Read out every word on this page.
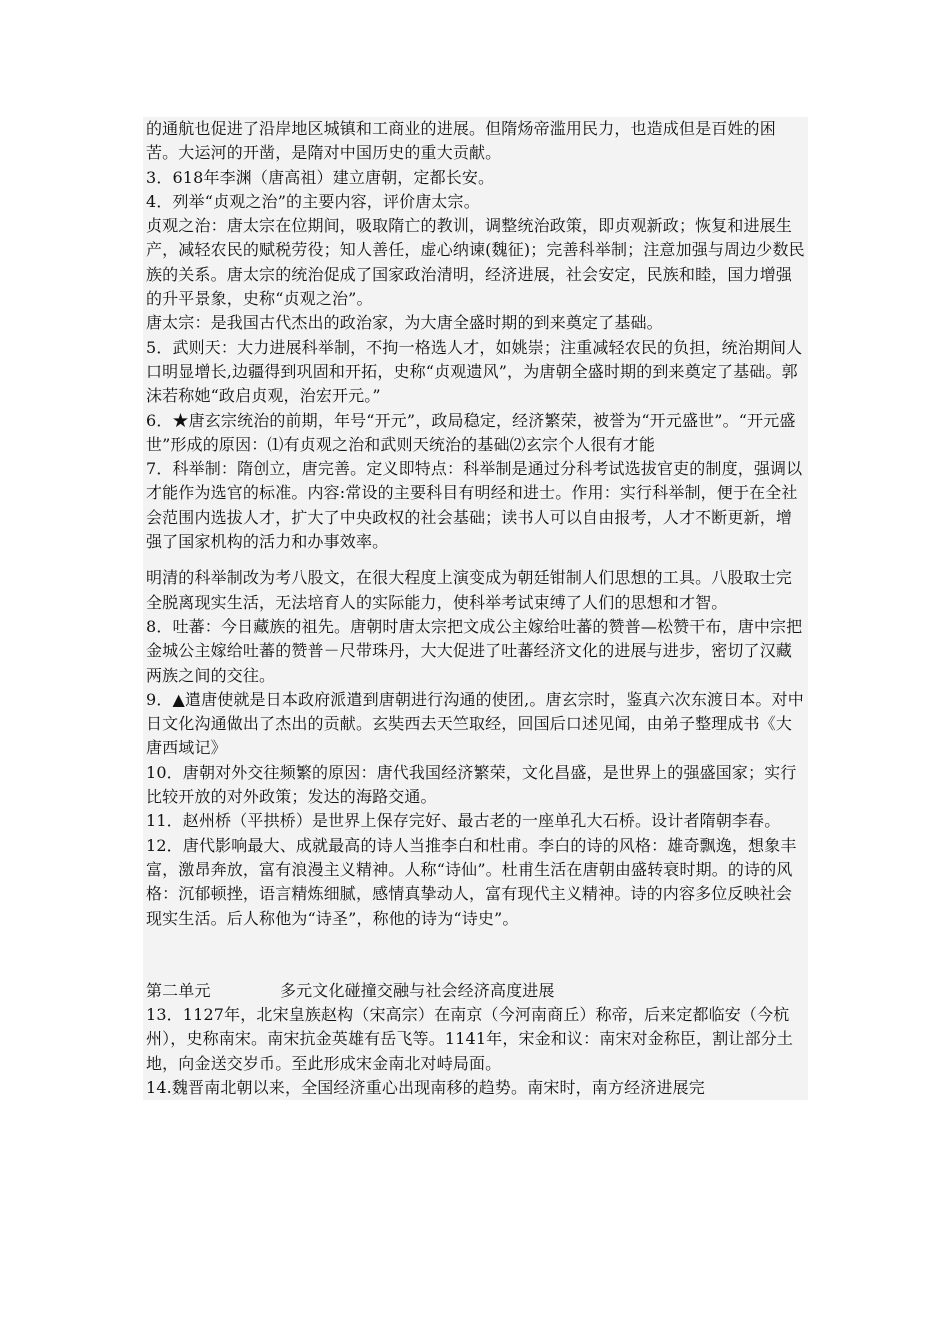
的通航也促进了沿岸地区城镇和工商业的进展。但隋炀帝滥用民力，也造成但是百姓的困苦。大运河的开凿，是隋对中国历史的重大贡献。

3．618年李渊（唐高祖）建立唐朝，定都长安。

4．列举“贞观之治”的主要内容，评价唐太宗。

贞观之治：唐太宗在位期间，吸取隋亡的教训，调整统治政策，即贞观新政；恢复和进展生产，减轻农民的赋税劳役；知人善任，虚心纳谏(魏征)；完善科举制；注意加强与周边少数民族的关系。唐太宗的统治促成了国家政治清明，经济进展，社会安定，民族和睦，国力增强的升平景象，史称“贞观之治”。

唐太宗：是我国古代杰出的政治家，为大唐全盛时期的到来奠定了基础。

5．武则天：大力进展科举制，不拘一格选人才，如姚崇；注重减轻农民的负担，统治期间人口明显增长,边疆得到巩固和开拓，史称“贞观遗风”，为唐朝全盛时期的到来奠定了基础。郭沫若称她“政启贞观，治宏开元。”

6．★唐玄宗统治的前期，年号“开元”，政局稳定，经济繁荣，被誉为“开元盛世”。“开元盛世”形成的原因：⑴有贞观之治和武则天统治的基础⑵玄宗个人很有才能

7．科举制：隋创立，唐完善。定义即特点：科举制是通过分科考试选拔官吏的制度，强调以才能作为选官的标准。内容:常设的主要科目有明经和进士。作用：实行科举制，便于在全社会范围内选拔人才，扩大了中央政权的社会基础；读书人可以自由报考，人才不断更新，增强了国家机构的活力和办事效率。

明清的科举制改为考八股文，在很大程度上演变成为朝廷钳制人们思想的工具。八股取士完全脱离现实生活，无法培育人的实际能力，使科举考试束缚了人们的思想和才智。

8．吐蕃：今日藏族的祖先。唐朝时唐太宗把文成公主嫁给吐蕃的赞普—松赞干布，唐中宗把金城公主嫁给吐蕃的赞普－尺带珠丹，大大促进了吐蕃经济文化的进展与进步，密切了汉藏两族之间的交往。

9．▲遣唐使就是日本政府派遣到唐朝进行沟通的使团,。唐玄宗时，鉴真六次东渡日本。对中日文化沟通做出了杰出的贡献。玄奘西去天竺取经，回国后口述见闻，由弟子整理成书《大唐西域记》

10．唐朝对外交往频繁的原因：唐代我国经济繁荣，文化昌盛，是世界上的强盛国家；实行比较开放的对外政策；发达的海路交通。

11．赵州桥（平拱桥）是世界上保存完好、最古老的一座单孔大石桥。设计者隋朝李春。

12．唐代影响最大、成就最高的诗人当推李白和杜甫。李白的诗的风格：雄奇飘逸，想象丰富，激昂奔放，富有浪漫主义精神。人称“诗仙”。杜甫生活在唐朝由盛转衰时期。的诗的风格：沉郁顿挫，语言精炼细腻，感情真挚动人，富有现代主义精神。诗的内容多位反映社会现实生活。后人称他为“诗圣”，称他的诗为“诗史”。

第二单元	多元文化碰撞交融与社会经济高度进展

13．1127年，北宋皇族赵构（宋高宗）在南京（今河南商丘）称帝，后来定都临安（今杭州），史称南宋。南宋抗金英雄有岳飞等。1141年，宋金和议：南宋对金称臣，割让部分土地，向金送交岁币。至此形成宋金南北对峙局面。

14.魏晋南北朝以来，全国经济重心出现南移的趋势。南宋时，南方经济进展完
